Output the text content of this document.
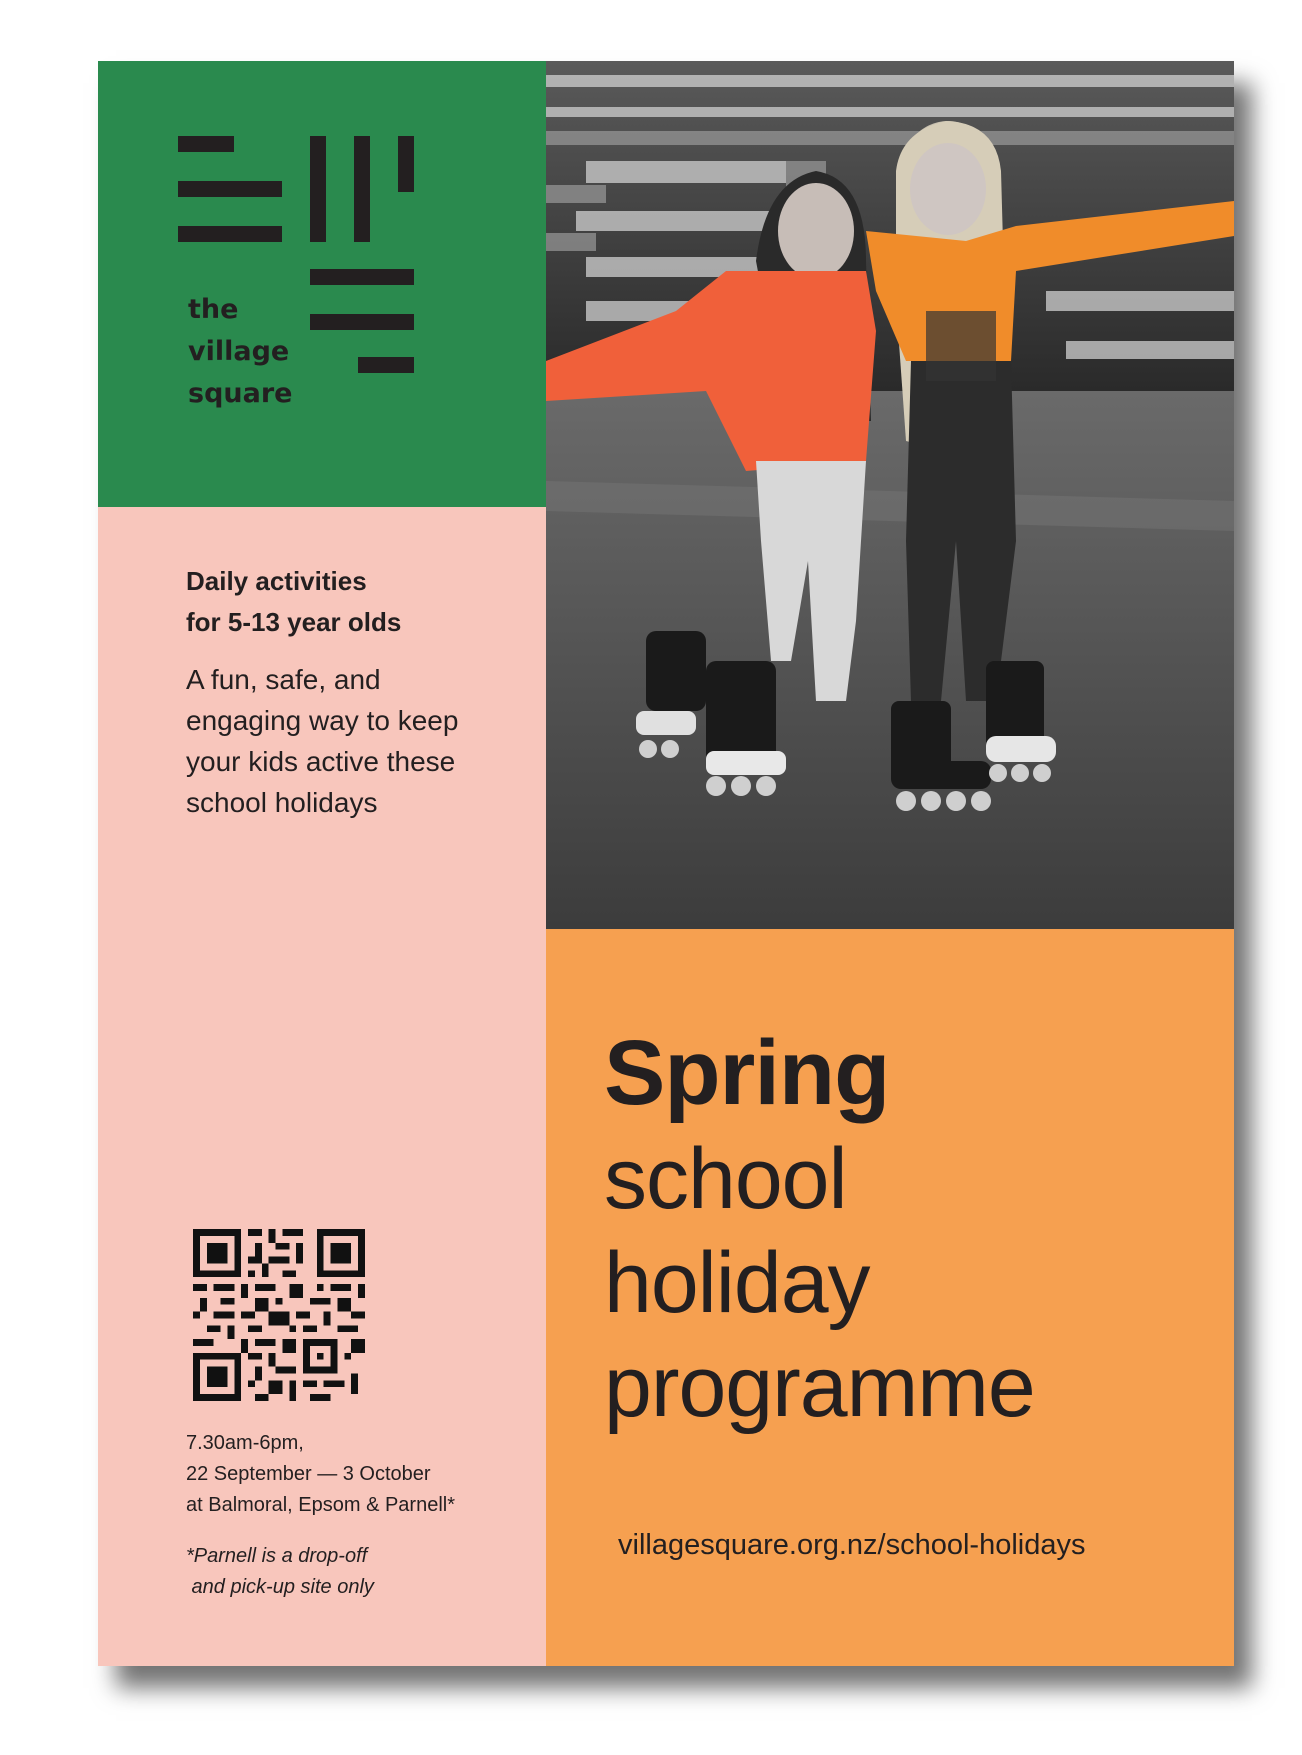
the
village
square

Daily activities
for 5-13 year olds
A fun, safe, and
engaging way to keep
your kids active these
school holidays
7.30am-6pm,
22 September — 3 October
at Balmoral, Epsom & Parnell*
*Parnell is a drop-off
and pick-up site only
Spring
school
holiday
programme
villagesquare.org.nz/school-holidays
